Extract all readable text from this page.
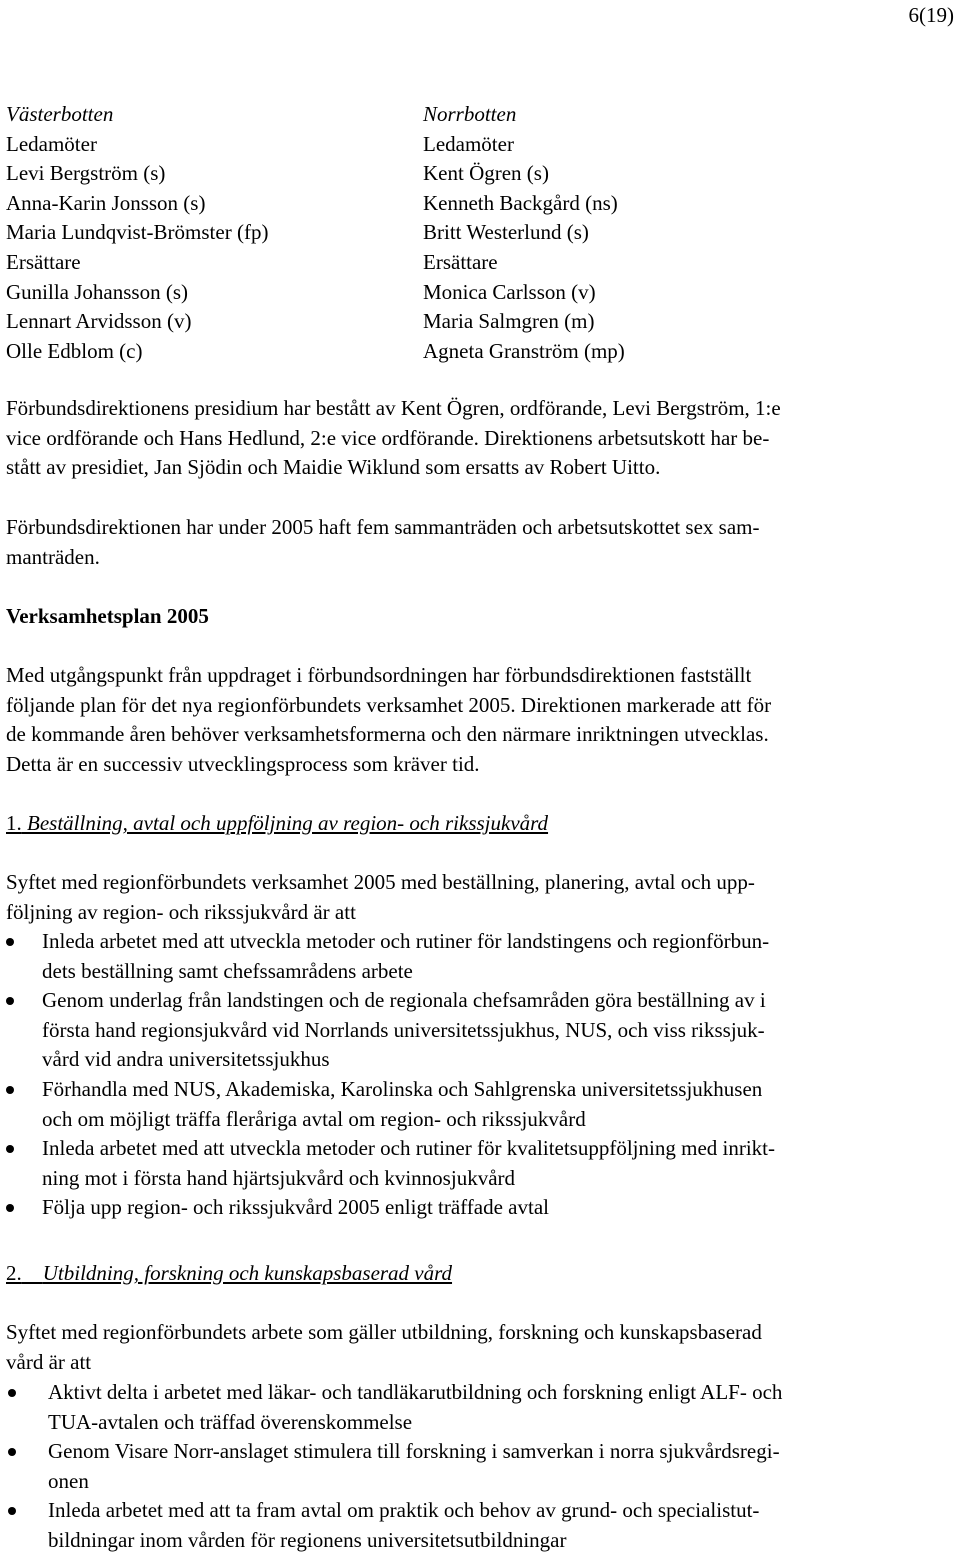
6(19)
Västerbotten
Ledamöter
Levi Bergström (s)
Anna-Karin Jonsson (s)
Maria Lundqvist-Brömster (fp)
Ersättare
Gunilla Johansson (s)
Lennart Arvidsson (v)
Olle Edblom (c)
Norrbotten
Ledamöter
Kent Ögren (s)
Kenneth Backgård (ns)
Britt Westerlund (s)
Ersättare
Monica Carlsson (v)
Maria Salmgren (m)
Agneta Granström (mp)
Förbundsdirektionens presidium har bestått av Kent Ögren, ordförande, Levi Bergström, 1:e
vice ordförande och Hans Hedlund, 2:e vice ordförande. Direktionens arbetsutskott har be-
stått av presidiet, Jan Sjödin och Maidie Wiklund som ersatts av Robert Uitto.
Förbundsdirektionen har under 2005 haft fem sammanträden och arbetsutskottet sex sam-
manträden.
Verksamhetsplan 2005
Med utgångspunkt från uppdraget i förbundsordningen har förbundsdirektionen fastställt
följande plan för det nya regionförbundets verksamhet 2005. Direktionen markerade att för
de kommande åren behöver verksamhetsformerna och den närmare inriktningen utvecklas.
Detta är en successiv utvecklingsprocess som kräver tid.
1. Beställning, avtal och uppföljning av region- och rikssjukvård
Syftet med regionförbundets verksamhet 2005 med beställning, planering, avtal och upp-
följning av region- och rikssjukvård är att
Inleda arbetet med att utveckla metoder och rutiner för landstingens och regionförbun-
dets beställning samt chefssamrådens arbete
Genom underlag från landstingen och de regionala chefsamråden göra beställning av i
första hand regionsjukvård vid Norrlands universitetssjukhus, NUS, och viss rikssjuk-
vård vid andra universitetssjukhus
Förhandla med NUS, Akademiska, Karolinska och Sahlgrenska universitetssjukhusen
och om möjligt träffa fleråriga avtal om region- och rikssjukvård
Inleda arbetet med att utveckla metoder och rutiner för kvalitetsuppföljning med inrikt-
ning mot i första hand hjärtsjukvård och kvinnosjukvård
Följa upp region- och rikssjukvård 2005 enligt träffade avtal
2. Utbildning, forskning och kunskapsbaserad vård
Syftet med regionförbundets arbete som gäller utbildning, forskning och kunskapsbaserad
vård är att
Aktivt delta i arbetet med läkar- och tandläkarutbildning och forskning enligt ALF- och
TUA-avtalen och träffad överenskommelse
Genom Visare Norr-anslaget stimulera till forskning i samverkan i norra sjukvårdsregi-
onen
Inleda arbetet med att ta fram avtal om praktik och behov av grund- och specialistut-
bildningar inom vården för regionens universitetsutbildningar
